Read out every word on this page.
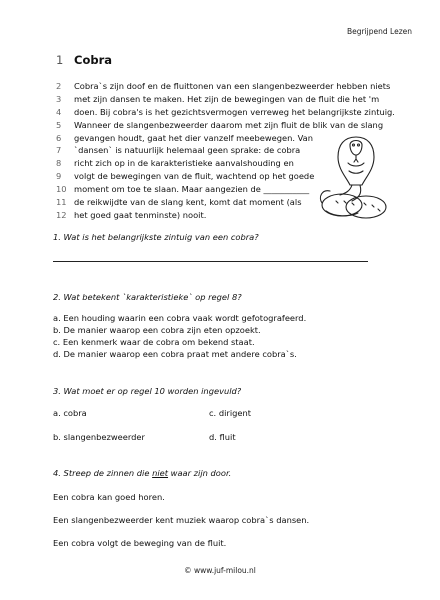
Begrijpend Lezen
1 Cobra
2 Cobra`s zijn doof en de fluittonen van een slangenbezweerder hebben niets
3 met zijn dansen te maken. Het zijn de bewegingen van de fluit die het 'm
4 doen. Bij cobra's is het gezichtsvermogen verreweg het belangrijkste zintuig.
5 Wanneer de slangenbezweerder daarom met zijn fluit de blik van de slang
6 gevangen houdt, gaat het dier vanzelf meebewegen. Van
7 `dansen` is natuurlijk helemaal geen sprake: de cobra
8 richt zich op in de karakteristieke aanvalshouding en
9 volgt de bewegingen van de fluit, wachtend op het goede
10 moment om toe te slaan. Maar aangezien de ___________
11 de reikwijdte van de slang kent, komt dat moment (als
12 het goed gaat tenminste) nooit.
1. Wat is het belangrijkste zintuig van een cobra?
2. Wat betekent `karakteristieke` op regel 8?
a. Een houding waarin een cobra vaak wordt gefotografeerd.
b. De manier waarop een cobra zijn eten opzoekt.
c. Een kenmerk waar de cobra om bekend staat.
d. De manier waarop een cobra praat met andere cobra`s.
3. Wat moet er op regel 10 worden ingevuld?
a. cobra	c. dirigent
b. slangenbezweerder	d. fluit
4. Streep de zinnen die niet waar zijn door.
Een cobra kan goed horen.
Een slangenbezweerder kent muziek waarop cobra`s dansen.
Een cobra volgt de beweging van de fluit.
© www.juf-milou.nl
